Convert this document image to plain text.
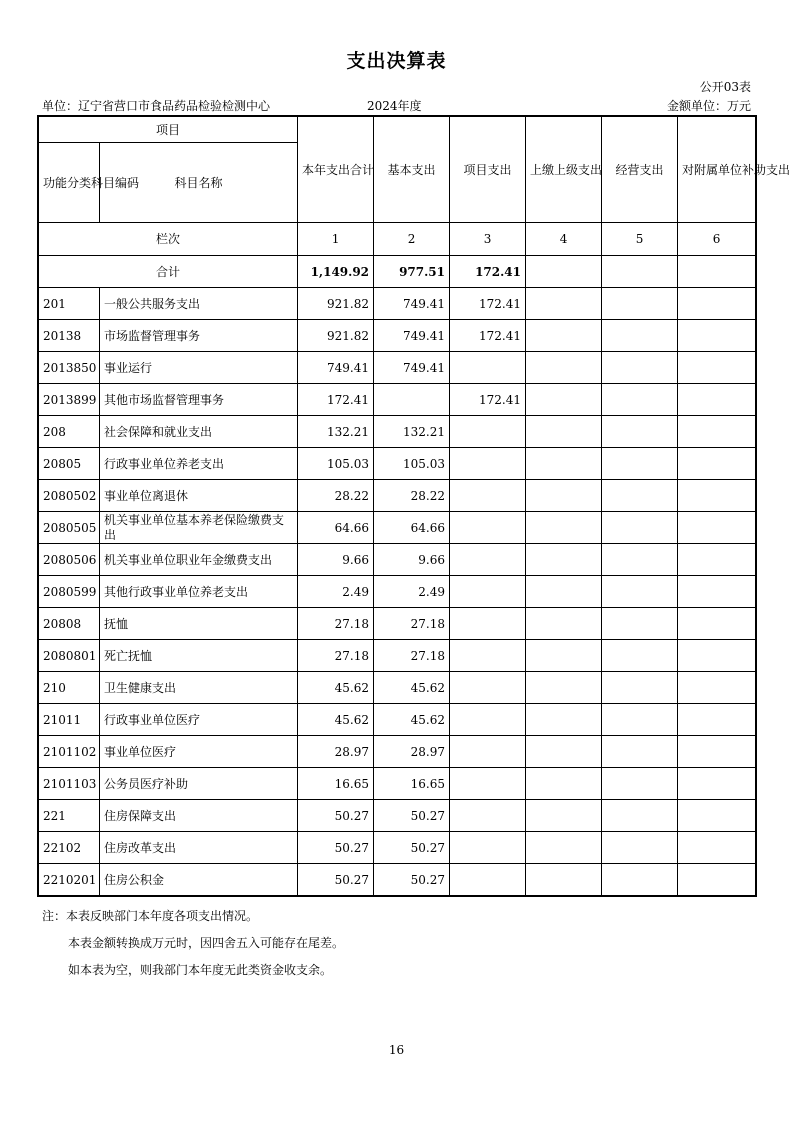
支出决算表
公开03表
单位：辽宁省营口市食品药品检验检测中心	2024年度	金额单位：万元
项目		本年支出合计	基本支出	项目支出	上缴上级支出	经营支出	对附属单位补助支出
功能分类科目编码	科目名称						
栏次		1	2	3	4	5	6
合计		1,149.92	977.51	172.41			
201	一般公共服务支出	921.82	749.41	172.41			
20138	市场监督管理事务	921.82	749.41	172.41			
2013850	事业运行	749.41	749.41				
2013899	其他市场监督管理事务	172.41		172.41			
208	社会保障和就业支出	132.21	132.21				
20805	行政事业单位养老支出	105.03	105.03				
2080502	事业单位离退休	28.22	28.22				
2080505	机关事业单位基本养老保险缴费支出	64.66	64.66				
2080506	机关事业单位职业年金缴费支出	9.66	9.66				
2080599	其他行政事业单位养老支出	2.49	2.49				
20808	抚恤	27.18	27.18				
2080801	死亡抚恤	27.18	27.18				
210	卫生健康支出	45.62	45.62				
21011	行政事业单位医疗	45.62	45.62				
2101102	事业单位医疗	28.97	28.97				
2101103	公务员医疗补助	16.65	16.65				
221	住房保障支出	50.27	50.27				
22102	住房改革支出	50.27	50.27				
2210201	住房公积金	50.27	50.27				
注：本表反映部门本年度各项支出情况。
本表金额转换成万元时，因四舍五入可能存在尾差。
如本表为空，则我部门本年度无此类资金收支余。
16
